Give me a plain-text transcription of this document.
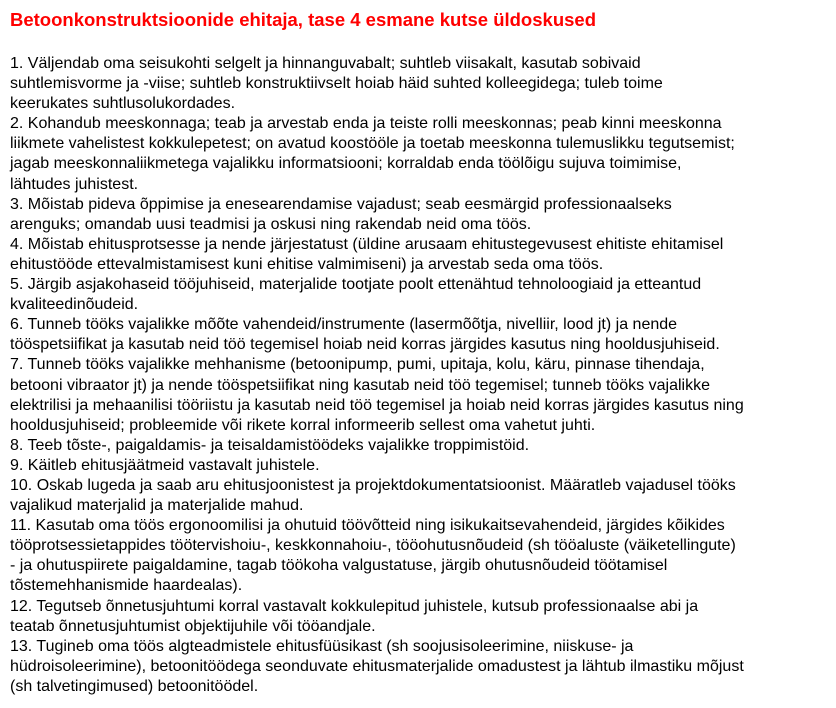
Betoonkonstruktsioonide ehitaja, tase 4 esmane kutse üldoskused

1. Väljendab oma seisukohti selgelt ja hinnanguvabalt; suhtleb viisakalt, kasutab sobivaid
suhtlemisvorme ja -viise; suhtleb konstruktiivselt hoiab häid suhted kolleegidega; tuleb toime
keerukates suhtlusolukordades.

2. Kohandub meeskonnaga; teab ja arvestab enda ja teiste rolli meeskonnas; peab kinni meeskonna
liikmete vahelistest kokkulepetest; on avatud koostööle ja toetab meeskonna tulemuslikku tegutsemist;
jagab meeskonnaliikmetega vajalikku informatsiooni; korraldab enda töölõigu sujuva toimimise,
lähtudes juhistest.

3. Mõistab pideva õppimise ja enesearendamise vajadust; seab eesmärgid professionaalseks
arenguks; omandab uusi teadmisi ja oskusi ning rakendab neid oma töös.

4. Mõistab ehitusprotsesse ja nende järjestatust (üldine arusaam ehitustegevusest ehitiste ehitamisel
ehitustööde ettevalmistamisest kuni ehitise valmimiseni) ja arvestab seda oma töös.

5. Järgib asjakohaseid tööjuhiseid, materjalide tootjate poolt ettenähtud tehnoloogiaid ja etteantud
kvaliteedinõudeid.

6. Tunneb tööks vajalikke mõõte vahendeid/instrumente (lasermõõtja, nivelliir, lood jt) ja nende
tööspetsiifikat ja kasutab neid töö tegemisel hoiab neid korras järgides kasutus ning hooldusjuhiseid.

7. Tunneb tööks vajalikke mehhanisme (betoonipump, pumi, upitaja, kolu, käru, pinnase tihendaja,
betooni vibraator jt) ja nende tööspetsiifikat ning kasutab neid töö tegemisel; tunneb tööks vajalikke
elektrilisi ja mehaanilisi tööriistu ja kasutab neid töö tegemisel ja hoiab neid korras järgides kasutus ning
hooldusjuhiseid; probleemide või rikete korral informeerib sellest oma vahetut juhti.

8. Teeb tõste-, paigaldamis- ja teisaldamistöödeks vajalikke troppimistöid.

9. Käitleb ehitusjäätmeid vastavalt juhistele.

10. Oskab lugeda ja saab aru ehitusjoonistest ja projektdokumentatsioonist. Määratleb vajadusel tööks
vajalikud materjalid ja materjalide mahud.

11. Kasutab oma töös ergonoomilisi ja ohutuid töövõtteid ning isikukaitsevahendeid, järgides kõikides
tööprotsessietappides töötervishoiu-, keskkonnahoiu-, tööohutusnõudeid (sh tööaluste (väiketellingute)
- ja ohutuspiirete paigaldamine, tagab töökoha valgustatuse, järgib ohutusnõudeid töötamisel
tõstemehhanismide haardealas).

12. Tegutseb õnnetusjuhtumi korral vastavalt kokkulepitud juhistele, kutsub professionaalse abi ja
teatab õnnetusjuhtumist objektijuhile või tööandjale.

13. Tugineb oma töös algteadmistele ehitusfüüsikast (sh soojusisoleerimine, niiskuse- ja
hüdroisoleerimine), betoonitöödega seonduvate ehitusmaterjalide omadustest ja lähtub ilmastiku mõjust
(sh talvetingimused) betoonitöödel.
